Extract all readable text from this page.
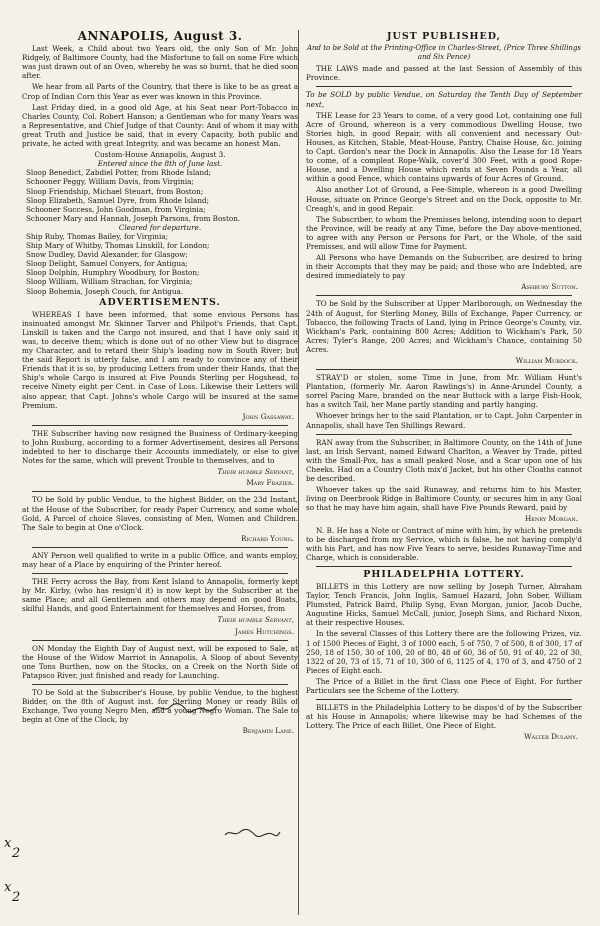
ANNAPOLIS, August 3.

Last Week, a Child about two Years old, the only Son of Mr. John Ridgely, of Baltimore County, had the Misfortune to fall on some Fire which was just drawn out of an Oven, whereby he was so burnt, that he died soon after.

We hear from all Parts of the Country, that there is like to be as great a Crop of Indian Corn this Year as ever was known in this Province.

Last Friday died, in a good old Age, at his Seat near Port-Tobacco in Charles County, Col. Robert Hanson; a Gentleman who for many Years was a Representative, and Chief Judge of that County: And of whom it may with great Truth and Justice be said, that in every Capacity, both public and private, he acted with great Integrity, and was became an honest Man.

Custom-House Annapolis, August 3.

Entered since the 8th of June last.

Sloop Benedict, Zabdiel Potter, from Rhode Island;

Schooner Peggy, William Davis, from Virginia;

Sloop Friendship, Michael Steuart, from Boston;

Sloop Elizabeth, Samuel Dyre, from Rhode Island;

Schooner Success, John Goodman, from Virginia;

Schooner Mary and Hannah, Joseph Parsons, from Boston.

Cleared for departure.

Ship Ruby, Thomas Bailey, for Virginia;

Ship Mary of Whitby, Thomas Linskill, for London;

Snow Dudley, David Alexander, for Glasgow;

Sloop Delight, Samuel Conyers, for Antigua;

Sloop Dolphin, Humphry Woodbury, for Boston;

Sloop William, William Strachan, for Virginia;

Sloop Bohemia, Joseph Couch, for Antigua.

ADVERTISEMENTS.

WHEREAS I have been informed, that some envious Persons has insinuated amongst Mr. Skinner Tarver and Philpot's Friends, that Capt. Linskill is taken and the Cargo not insured, and that I have only said it was, to deceive them; which is done out of no other View but to disgrace my Character, and to retard their Ship's loading now in South River; but the said Report is utterly false, and I am ready to convince any of their Friends that it is so, by producing Letters from under their Hands, that the Ship's whole Cargo is insured at Five Pounds Sterling per Hogshead, to receive Ninety eight per Cent. in Case of Loss. Likewise their Letters will also appear, that Capt. Johns's whole Cargo will be insured at the same Premium.

John Gassaway.

THE Subscriber having now resigned the Business of Ordinary-keeping to John Rusburg, according to a former Advertisement, desires all Persons indebted to her to discharge their Accounts immediately, or else to give Notes for the same, which will prevent Trouble to themselves, and to

Their humble Servant,

Mary Frazier.

TO be Sold by public Vendue, to the highest Bidder, on the 23d Instant, at the House of the Subscriber, for ready Paper Currency, and some whole Gold, A Parcel of choice Slaves, consisting of Men, Women and Children. The Sale to begin at One o'Clock.

Richard Young.

ANY Person well qualified to write in a public Office, and wants employ, may hear of a Place by enquiring of the Printer hereof.

THE Ferry across the Bay, from Kent Island to Annapolis, formerly kept by Mr. Kirby, (who has resign'd it) is now kept by the Subscriber at the same Place; and all Gentlemen and others may depend on good Boats, skilful Hands, and good Entertainment for themselves and Horses, from

Their humble Servant,

James Hutchings.

ON Monday the Eighth Day of August next, will be exposed to Sale, at the House of the Widow Marriot in Annapolis, A Sloop of about Seventy one Tons Burthen, now on the Stocks, on a Creek on the North Side of Patapsco River, just finished and ready for Launching.

TO be Sold at the Subscriber's House, by public Vendue, to the highest Bidder, on the 8th of August inst. for Sterling Money or ready Bills of Exchange, Two young Negro Men, and a young Negro Woman. The Sale to begin at One of the Clock, by

Benjamin Lane.

x
2
x
2
JUST PUBLISHED,
And to be Sold at the Printing-Office in Charles-Street, (Price Three Shillings and Six Pence)

THE LAWS made and passed at the last Session of Assembly of this Province.

To be SOLD by public Vendue, on Saturday the Tenth Day of September next,

THE Lease for 23 Years to come, of a very good Lot, containing one full Acre of Ground, whereon is a very commodious Dwelling House, two Stories high, in good Repair, with all convenient and necessary Out-Houses, as Kitchen, Stable, Meat-House, Pantry, Chaise House, &c. joining to Capt. Gordon's near the Dock in Annapolis. Also the Lease for 18 Years to come, of a compleat Rope-Walk, cover'd 300 Feet, with a good Rope-House, and a Dwelling House which rents at Seven Pounds a Year, all within a good Fence, which contains upwards of four Acres of Ground.

Also another Lot of Ground, a Fee-Simple, whereon is a good Dwelling House, situate on Prince George's Street and on the Dock, opposite to Mr. Creagh's, and in good Repair.

The Subscriber, to whom the Premisses belong, intending soon to depart the Province, will be ready at any Time, before the Day above-mentioned, to agree with any Person or Persons for Part, or the Whole, of the said Premisses, and will allow Time for Payment.

All Persons who have Demands on the Subscriber, are desired to bring in their Accompts that they may be paid; and those who are Indebted, are desired immediately to pay

Ashbury Sutton.

TO be Sold by the Subscriber at Upper Marlborough, on Wednesday the 24th of August, for Sterling Money, Bills of Exchange, Paper Currency, or Tobacco, the following Tracts of Land, lying in Prince George's County, viz. Wickham's Park, containing 800 Acres; Addition to Wickham's Park, 50 Acres; Tyler's Range, 200 Acres; and Wickham's Chance, containing 50 Acres.

William Murdock.

STRAY'D or stolen, some Time in June, from Mr. William Hunt's Plantation, (formerly Mr. Aaron Rawlings's) in Anne-Arundel County, a sorrel Pacing Mare, branded on the near Buttock with a large Fish-Hook, has a switch Tail, her Mane partly standing and partly hanging.

Whoever brings her to the said Plantation, or to Capt. John Carpenter in Annapolis, shall have Ten Shillings Reward.

RAN away from the Subscriber, in Baltimore County, on the 14th of June last, an Irish Servant, named Edward Charlton, a Weaver by Trade, pitted with the Small-Pox, has a small peaked Nose, and a Scar upon one of his Cheeks. Had on a Country Cloth mix'd Jacket, but his other Cloaths cannot be described.

Whoever takes up the said Runaway, and returns him to his Master, living on Deerbrook Ridge in Baltimore County, or secures him in any Goal so that he may have him again, shall have Five Pounds Reward, paid by

Henry Morgan.

N. B. He has a Note or Contract of mine with him, by which he pretends to be discharged from my Service, which is false, he not having comply'd with his Part, and has now Five Years to serve, besides Runaway-Time and Charge, which is considerable.

PHILADELPHIA LOTTERY.

BILLETS in this Lottery are now selling by Joseph Turner, Abraham Taylor, Tench Francis, John Inglis, Samuel Hazard, John Sober, William Plumsted, Patrick Baird, Philip Syng, Evan Morgan, junior, Jacob Duche, Augustine Hicks, Samuel McCall, junior, Joseph Sims, and Richard Nixon, at their respective Houses.

In the several Classes of this Lottery there are the following Prizes, viz. 1 of 1500 Pieces of Eight, 3 of 1000 each, 5 of 750, 7 of 500, 8 of 300, 17 of 250, 18 of 150, 30 of 100, 20 of 80, 48 of 60, 36 of 50, 91 of 40, 22 of 30, 1322 of 20, 73 of 15, 71 of 10, 300 of 6, 1125 of 4, 170 of 3, and 4750 of 2 Pieces of Eight each.

The Price of a Billet in the first Class one Piece of Eight. For further Particulars see the Scheme of the Lottery.

BILLETS in the Philadelphia Lottery to be dispos'd of by the Subscriber at his House in Annapolis; where likewise may be had Schemes of the Lottery. The Price of each Billet, One Piece of Eight.

Walter Dulany.
